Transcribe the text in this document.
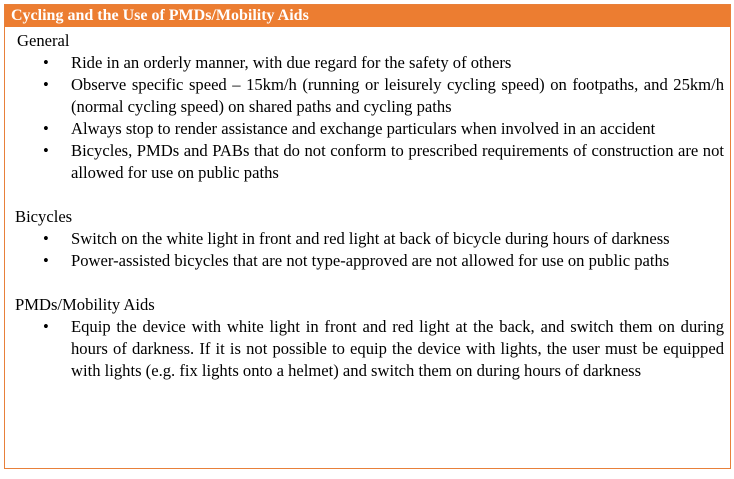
Cycling and the Use of PMDs/Mobility Aids
General
• Ride in an orderly manner, with due regard for the safety of others
• Observe specific speed – 15km/h (running or leisurely cycling speed) on footpaths, and 25km/h (normal cycling speed) on shared paths and cycling paths
• Always stop to render assistance and exchange particulars when involved in an accident
• Bicycles, PMDs and PABs that do not conform to prescribed requirements of construction are not allowed for use on public paths
Bicycles
• Switch on the white light in front and red light at back of bicycle during hours of darkness
• Power-assisted bicycles that are not type-approved are not allowed for use on public paths
PMDs/Mobility Aids
• Equip the device with white light in front and red light at the back, and switch them on during hours of darkness. If it is not possible to equip the device with lights, the user must be equipped with lights (e.g. fix lights onto a helmet) and switch them on during hours of darkness
